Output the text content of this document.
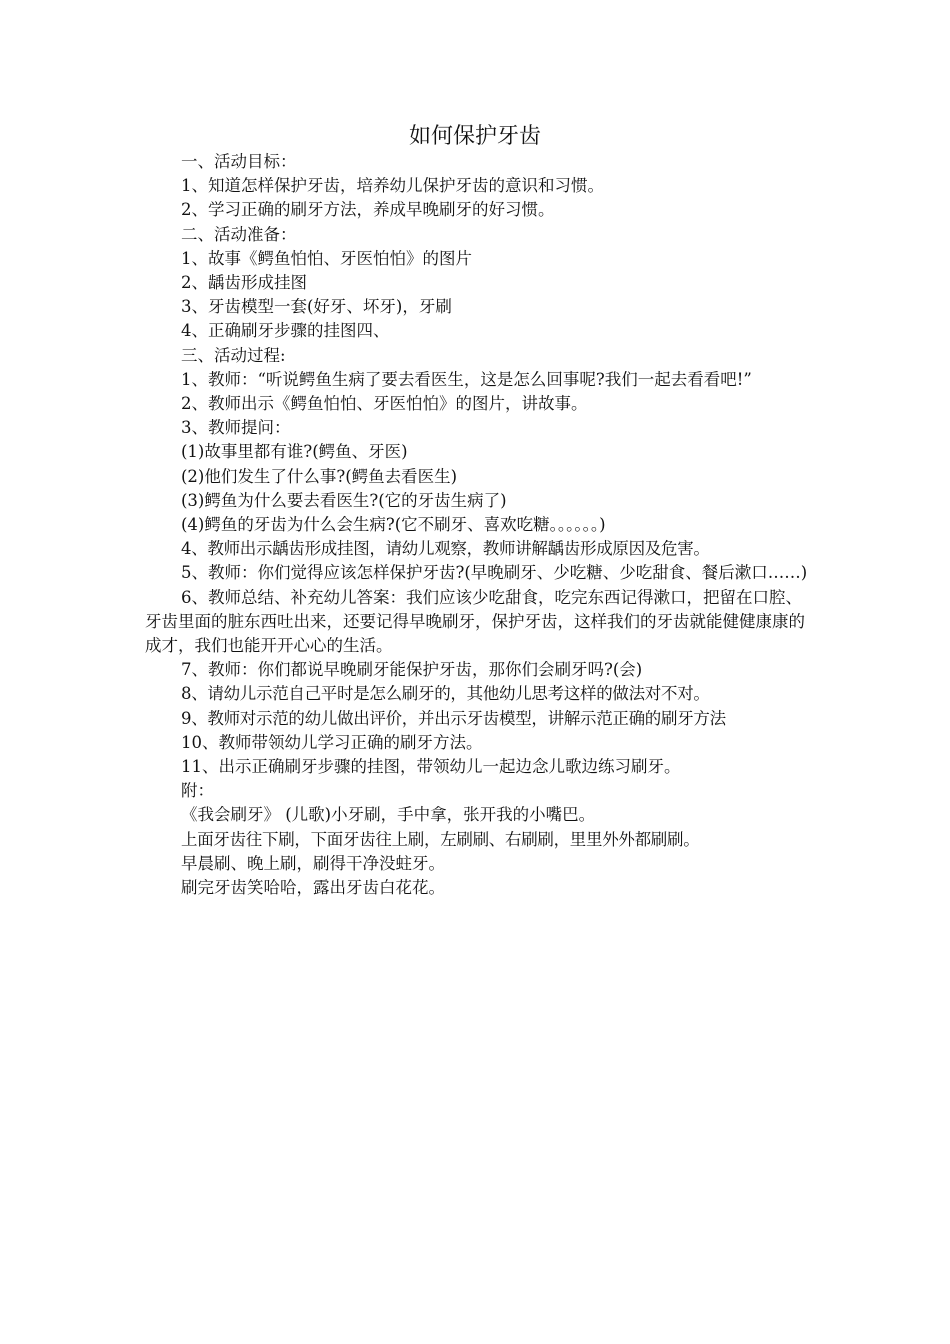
如何保护牙齿

一、活动目标：

1、知道怎样保护牙齿，培养幼儿保护牙齿的意识和习惯。

2、学习正确的刷牙方法，养成早晚刷牙的好习惯。

二、活动准备：

1、故事《鳄鱼怕怕、牙医怕怕》的图片

2、龋齿形成挂图

3、牙齿模型一套(好牙、坏牙)，牙刷

4、正确刷牙步骤的挂图四、

三、活动过程:

1、教师：“听说鳄鱼生病了要去看医生，这是怎么回事呢?我们一起去看看吧!”

2、教师出示《鳄鱼怕怕、牙医怕怕》的图片，讲故事。

3、教师提问：

(1)故事里都有谁?(鳄鱼、牙医)

(2)他们发生了什么事?(鳄鱼去看医生)

(3)鳄鱼为什么要去看医生?(它的牙齿生病了)

(4)鳄鱼的牙齿为什么会生病?(它不刷牙、喜欢吃糖。。。。。。)

4、教师出示龋齿形成挂图，请幼儿观察，教师讲解龋齿形成原因及危害。

5、教师：你们觉得应该怎样保护牙齿?(早晚刷牙、少吃糖、少吃甜食、餐后漱口……)

6、教师总结、补充幼儿答案：我们应该少吃甜食，吃完东西记得漱口，把留在口腔、牙齿里面的脏东西吐出来，还要记得早晚刷牙，保护牙齿，这样我们的牙齿就能健健康康的成才，我们也能开开心心的生活。

7、教师：你们都说早晚刷牙能保护牙齿，那你们会刷牙吗?(会)

8、请幼儿示范自己平时是怎么刷牙的，其他幼儿思考这样的做法对不对。

9、教师对示范的幼儿做出评价，并出示牙齿模型，讲解示范正确的刷牙方法

10、教师带领幼儿学习正确的刷牙方法。

11、出示正确刷牙步骤的挂图，带领幼儿一起边念儿歌边练习刷牙。

附：

《我会刷牙》 (儿歌)小牙刷，手中拿，张开我的小嘴巴。

上面牙齿往下刷，下面牙齿往上刷，左刷刷、右刷刷，里里外外都刷刷。

早晨刷、晚上刷，刷得干净没蛀牙。

刷完牙齿笑哈哈，露出牙齿白花花。
